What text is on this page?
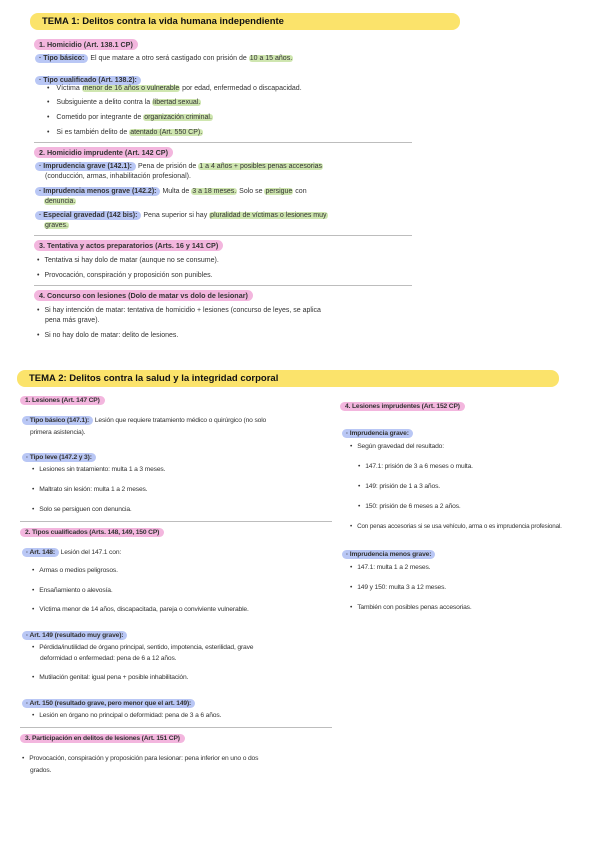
TEMA 1: Delitos contra la vida humana independiente
1. Homicidio (Art. 138.1 CP)
· Tipo básico: El que matare a otro será castigado con prisión de 10 a 15 años.
· Tipo cualificado (Art. 138.2):
• Víctima menor de 16 años o vulnerable por edad, enfermedad o discapacidad.
• Subsiguiente a delito contra la libertad sexual.
• Cometido por integrante de organización criminal.
• Si es también delito de atentado (Art. 550 CP).
2. Homicidio imprudente (Art. 142 CP)
· Imprudencia grave (142.1): Pena de prisión de 1 a 4 años + posibles penas accesorias
(conducción, armas, inhabilitación profesional).
· Imprudencia menos grave (142.2): Multa de 3 a 18 meses. Solo se persigue con
denuncia.
· Especial gravedad (142 bis): Pena superior si hay pluralidad de víctimas o lesiones muy
graves.
3. Tentativa y actos preparatorios (Arts. 16 y 141 CP)
• Tentativa si hay dolo de matar (aunque no se consume).
• Provocación, conspiración y proposición son punibles.
4. Concurso con lesiones (Dolo de matar vs dolo de lesionar)
• Si hay intención de matar: tentativa de homicidio + lesiones (concurso de leyes, se aplica
pena más grave).
• Si no hay dolo de matar: delito de lesiones.
TEMA 2: Delitos contra la salud y la integridad corporal
1. Lesiones (Art. 147 CP)
· Tipo básico (147.1): Lesión que requiere tratamiento médico o quirúrgico (no solo
primera asistencia).
· Tipo leve (147.2 y 3):
• Lesiones sin tratamiento: multa 1 a 3 meses.
• Maltrato sin lesión: multa 1 a 2 meses.
• Solo se persiguen con denuncia.
2. Tipos cualificados (Arts. 148, 149, 150 CP)
· Art. 148: Lesión del 147.1 con:
• Armas o medios peligrosos.
• Ensañamiento o alevosía.
• Víctima menor de 14 años, discapacitada, pareja o conviviente vulnerable.
· Art. 149 (resultado muy grave):
• Pérdida/inutilidad de órgano principal, sentido, impotencia, esterilidad, grave
deformidad o enfermedad: pena de 6 a 12 años.
• Mutilación genital: igual pena + posible inhabilitación.
· Art. 150 (resultado grave, pero menor que el art. 149):
• Lesión en órgano no principal o deformidad: pena de 3 a 6 años.
3. Participación en delitos de lesiones (Art. 151 CP)
• Provocación, conspiración y proposición para lesionar: pena inferior en uno o dos
grados.
4. Lesiones imprudentes (Art. 152 CP)
· Imprudencia grave:
• Según gravedad del resultado:
• 147.1: prisión de 3 a 6 meses o multa.
• 149: prisión de 1 a 3 años.
• 150: prisión de 6 meses a 2 años.
• Con penas accesorias si se usa vehículo, arma o es imprudencia profesional.
· Imprudencia menos grave:
• 147.1: multa 1 a 2 meses.
• 149 y 150: multa 3 a 12 meses.
• También con posibles penas accesorias.
